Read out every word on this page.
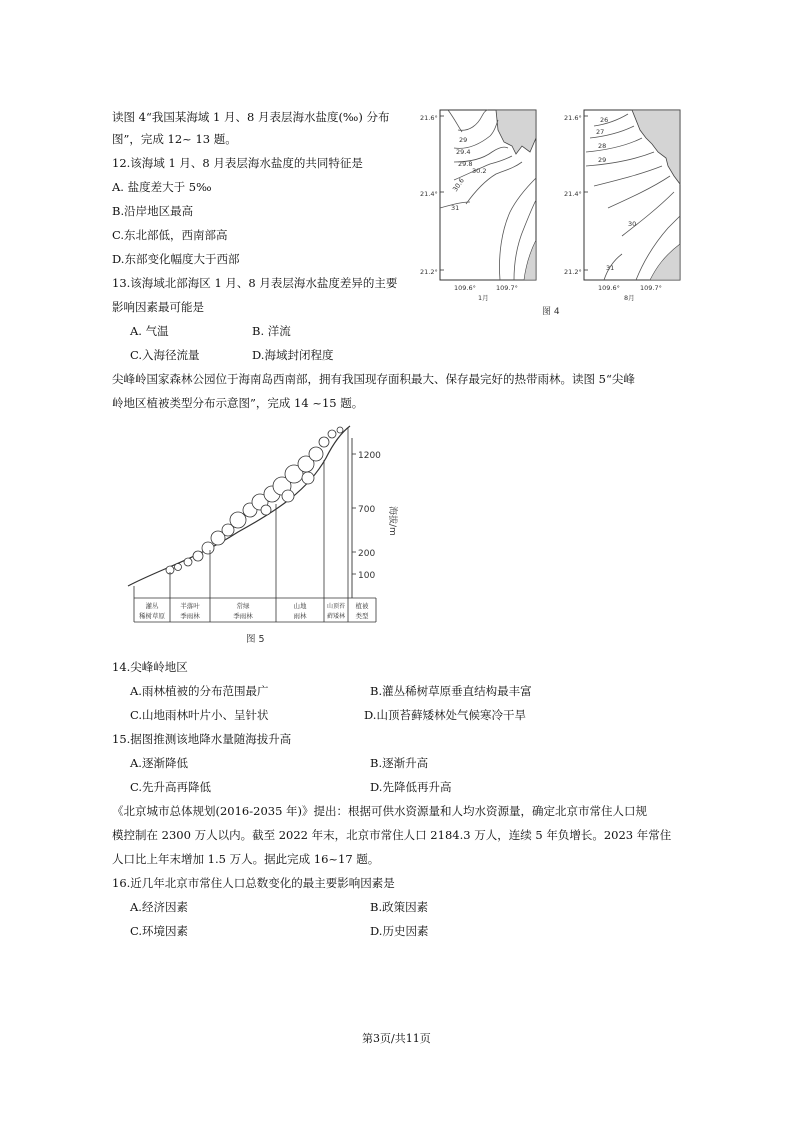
读图 4“我国某海域 1 月、8 月表层海水盐度(‰) 分布
图”，完成 12~ 13 题。
12.该海域 1 月、8 月表层海水盐度的共同特征是
A. 盐度差大于 5‰
B.沿岸地区最高
C.东北部低，西南部高
D.东部变化幅度大于西部
13.该海域北部海区 1 月、8 月表层海水盐度差异的主要
影响因素最可能是
A. 气温	B. 洋流
C.入海径流量	D.海域封闭程度
29
29.4
29.8
30.2
30.6
31
21.6°
21.4°
21.2°
109.6°	109.7°
1月
26
27
28
29
30
31
21.6°
21.4°
21.2°
109.6°	109.7°
8月
图 4
尖峰岭国家森林公园位于海南岛西南部，拥有我国现存面积最大、保存最完好的热带雨林。读图 5“尖峰
岭地区植被类型分布示意图”，完成 14 ~15 题。
1200
700
200
100
海拔/m
灌丛
稀树草原
半落叶
季雨林
常绿
季雨林
山地
雨林
山顶苔
藓矮林
植被
类型
图 5
14.尖峰岭地区
A.雨林植被的分布范围最广	B.灌丛稀树草原垂直结构最丰富
C.山地雨林叶片小、呈针状	D.山顶苔藓矮林处气候寒冷干旱
15.据图推测该地降水量随海拔升高
A.逐渐降低	B.逐渐升高
C.先升高再降低	D.先降低再升高
《北京城市总体规划(2016-2035 年)》提出：根据可供水资源量和人均水资源量，确定北京市常住人口规
模控制在 2300 万人以内。截至 2022 年末，北京市常住人口 2184.3 万人，连续 5 年负增长。2023 年常住
人口比上年末增加 1.5 万人。据此完成 16~17 题。
16.近几年北京市常住人口总数变化的最主要影响因素是
A.经济因素	B.政策因素
C.环境因素	D.历史因素
第3页/共11页
